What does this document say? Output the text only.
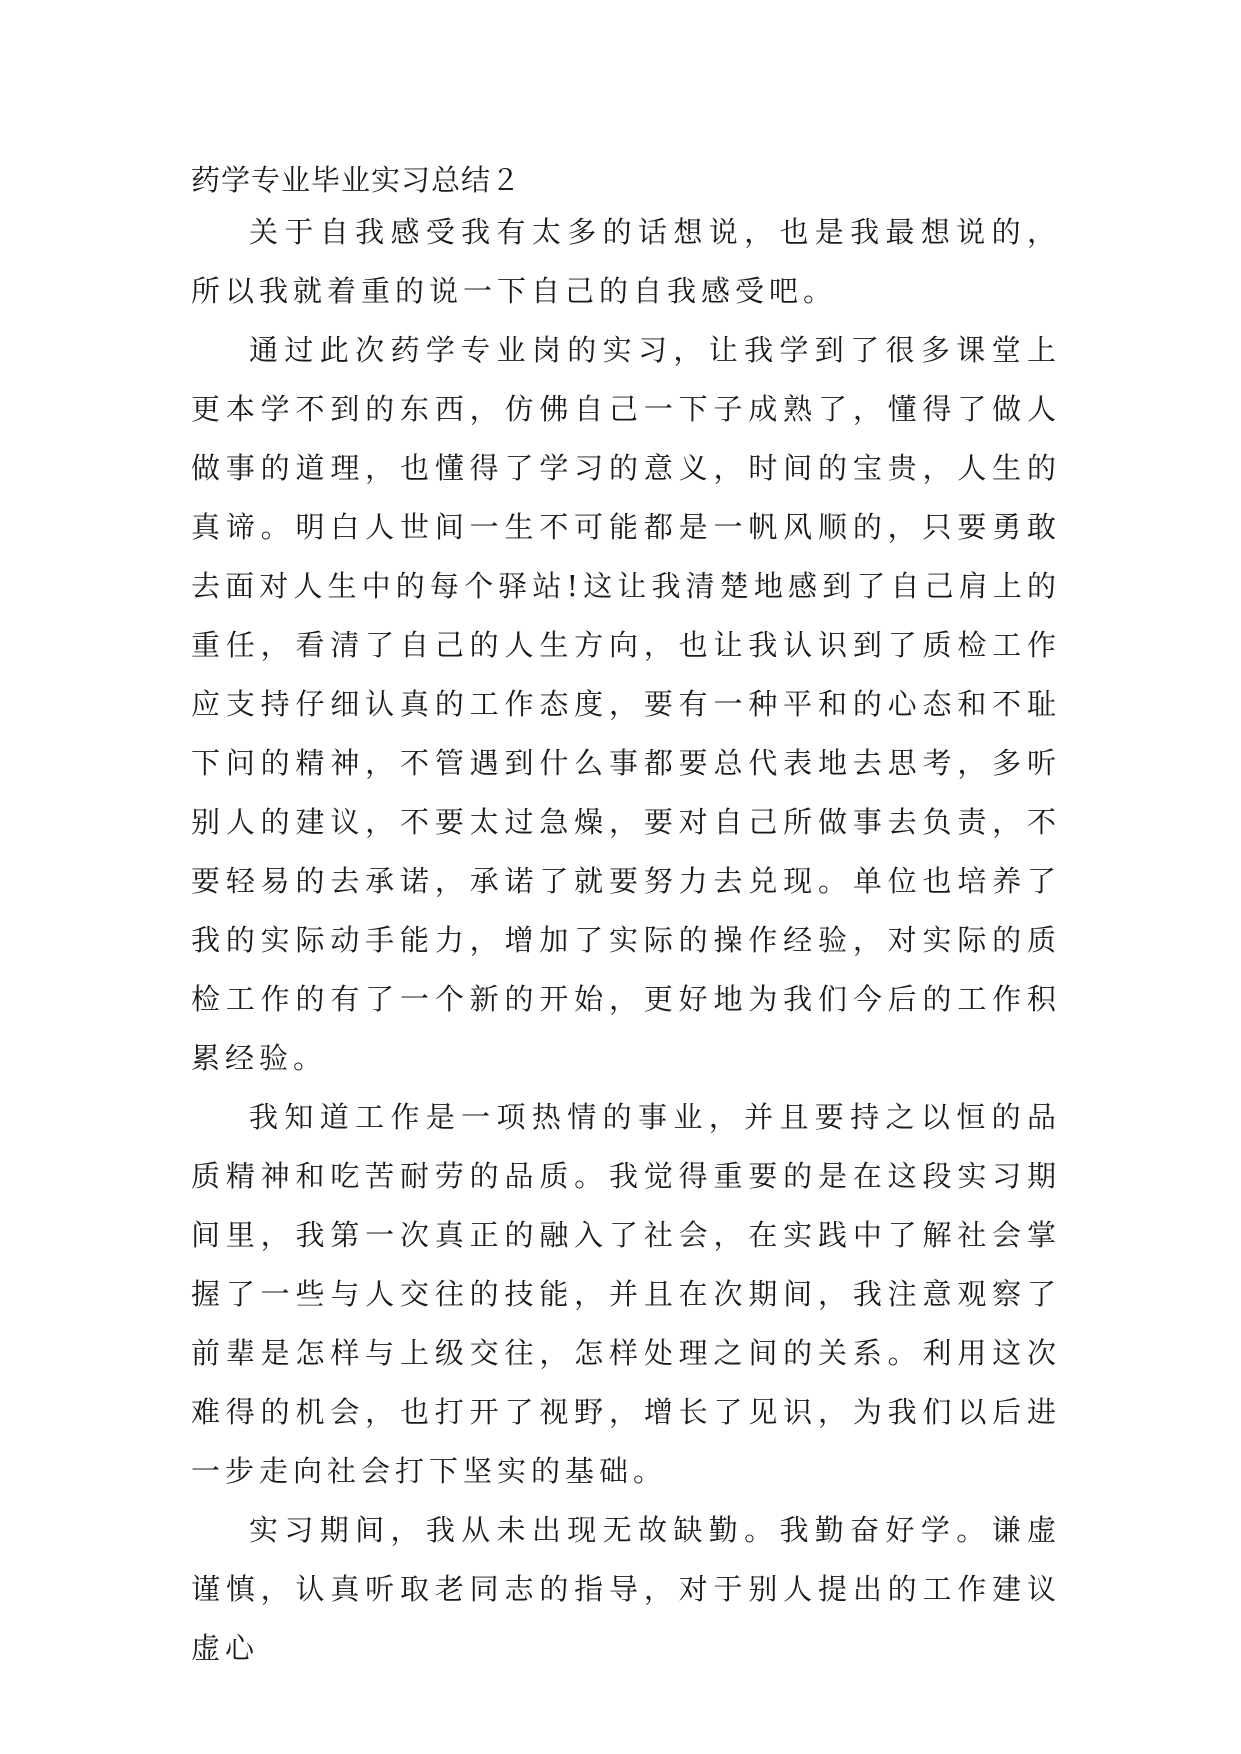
药学专业毕业实习总结２

关于自我感受我有太多的话想说，也是我最想说的，所以我就着重的说一下自己的自我感受吧。

通过此次药学专业岗的实习，让我学到了很多课堂上更本学不到的东西，仿佛自己一下子成熟了，懂得了做人做事的道理，也懂得了学习的意义，时间的宝贵，人生的真谛。明白人世间一生不可能都是一帆风顺的，只要勇敢去面对人生中的每个驿站!这让我清楚地感到了自己肩上的重任，看清了自己的人生方向，也让我认识到了质检工作应支持仔细认真的工作态度，要有一种平和的心态和不耻下问的精神，不管遇到什么事都要总代表地去思考，多听别人的建议，不要太过急燥，要对自己所做事去负责，不要轻易的去承诺，承诺了就要努力去兑现。单位也培养了我的实际动手能力，增加了实际的操作经验，对实际的质检工作的有了一个新的开始，更好地为我们今后的工作积累经验。

我知道工作是一项热情的事业，并且要持之以恒的品质精神和吃苦耐劳的品质。我觉得重要的是在这段实习期间里，我第一次真正的融入了社会，在实践中了解社会掌握了一些与人交往的技能，并且在次期间，我注意观察了前辈是怎样与上级交往，怎样处理之间的关系。利用这次难得的机会，也打开了视野，增长了见识，为我们以后进一步走向社会打下坚实的基础。

实习期间，我从未出现无故缺勤。我勤奋好学。谦虚谨慎，认真听取老同志的指导，对于别人提出的工作建议虚心
